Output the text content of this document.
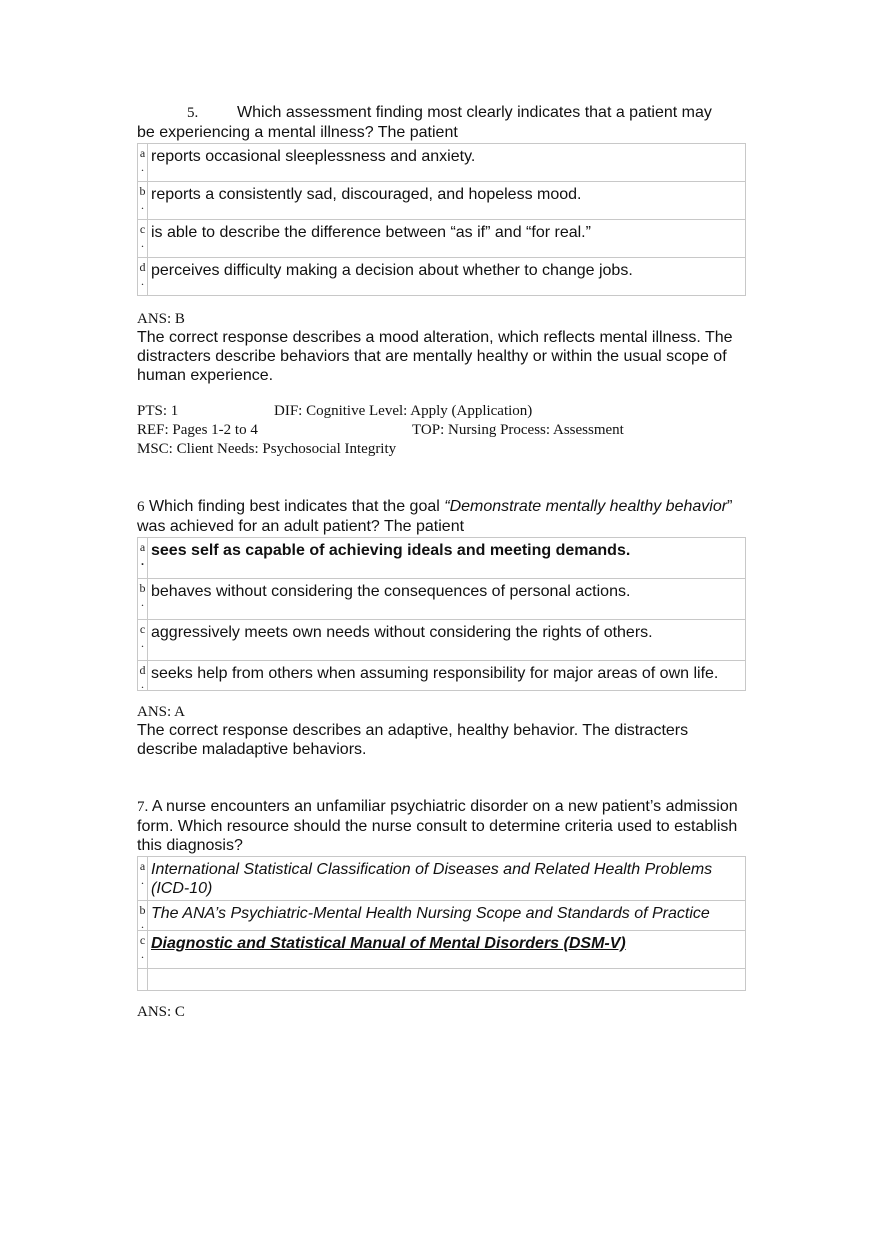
5. Which assessment finding most clearly indicates that a patient may
be experiencing a mental illness? The patient

a
.	reports occasional sleeplessness and anxiety.
b
.	reports a consistently sad, discouraged, and hopeless mood.
c
.	is able to describe the difference between “as if” and “for real.”
d
.	perceives difficulty making a decision about whether to change jobs.
ANS: B

The correct response describes a mood alteration, which reflects mental illness. The distracters describe behaviors that are mentally healthy or within the usual scope of human experience.

PTS: 1	DIF: Cognitive Level: Apply (Application)
REF: Pages 1-2 to 4	TOP: Nursing Process: Assessment
MSC: Client Needs: Psychosocial Integrity

6 Which finding best indicates that the goal “Demonstrate mentally healthy behavior” was achieved for an adult patient? The patient

a
.	sees self as capable of achieving ideals and meeting demands.
b
.	behaves without considering the consequences of personal actions.
c
.	aggressively meets own needs without considering the rights of others.
d
.	seeks help from others when assuming responsibility for major areas of own life.
ANS: A

The correct response describes an adaptive, healthy behavior. The distracters describe maladaptive behaviors.

7. A nurse encounters an unfamiliar psychiatric disorder on a new patient’s admission form. Which resource should the nurse consult to determine criteria used to establish this diagnosis?

a
.	International Statistical Classification of Diseases and Related Health Problems (ICD-10)
b
.	The ANA’s Psychiatric-Mental Health Nursing Scope and Standards of Practice
c
.	Diagnostic and Statistical Manual of Mental Disorders (DSM-V)

ANS: C
